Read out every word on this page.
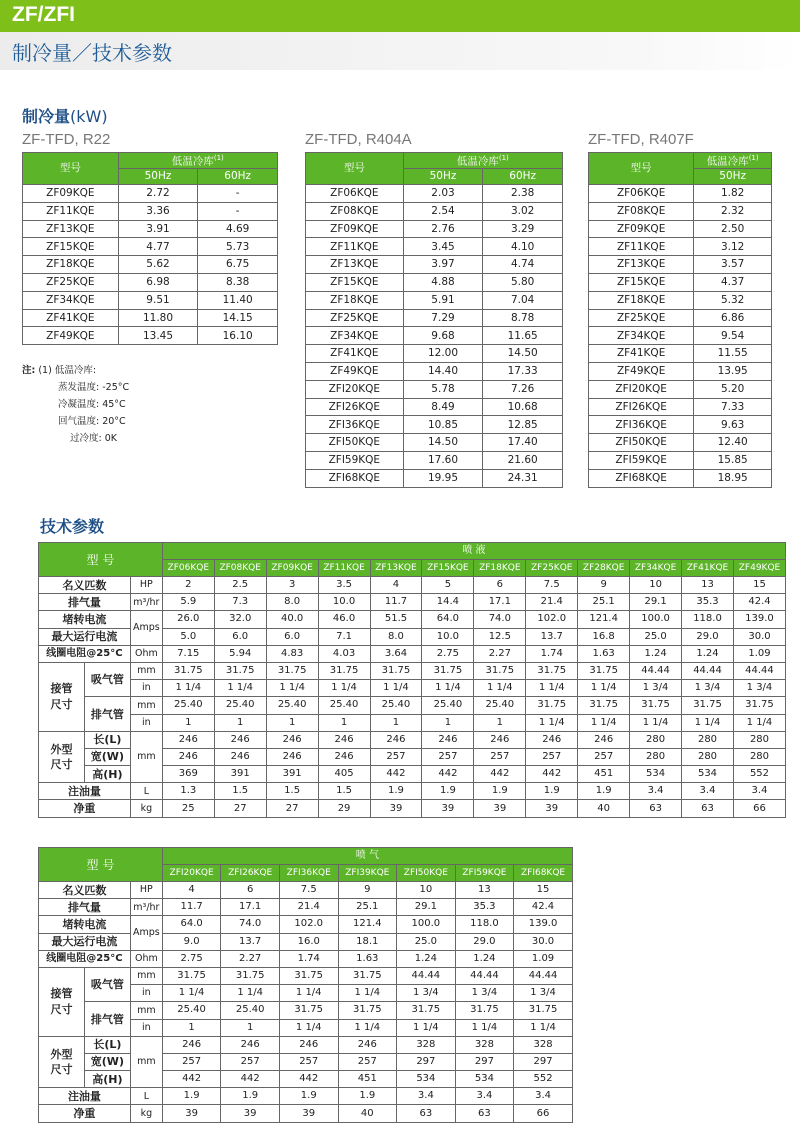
ZF/ZFI
制冷量／技术参数
制冷量(kW)
ZF-TFD, R22
型号	低温冷库$^{(1)}$
	50Hz	60Hz
ZF09KQE	2.72	-
ZF11KQE	3.36	-
ZF13KQE	3.91	4.69
ZF15KQE	4.77	5.73
ZF18KQE	5.62	6.75
ZF25KQE	6.98	8.38
ZF34KQE	9.51	11.40
ZF41KQE	11.80	14.15
ZF49KQE	13.45	16.10
ZF-TFD, R404A
型号	低温冷库$^{(1)}$
	50Hz	60Hz
ZF06KQE	2.03	2.38
ZF08KQE	2.54	3.02
ZF09KQE	2.76	3.29
ZF11KQE	3.45	4.10
ZF13KQE	3.97	4.74
ZF15KQE	4.88	5.80
ZF18KQE	5.91	7.04
ZF25KQE	7.29	8.78
ZF34KQE	9.68	11.65
ZF41KQE	12.00	14.50
ZF49KQE	14.40	17.33
ZFI20KQE	5.78	7.26
ZFI26KQE	8.49	10.68
ZFI36KQE	10.85	12.85
ZFI50KQE	14.50	17.40
ZFI59KQE	17.60	21.60
ZFI68KQE	19.95	24.31
ZF-TFD, R407F
型号	低温冷库$^{(1)}$
	50Hz
ZF06KQE	1.82
ZF08KQE	2.32
ZF09KQE	2.50
ZF11KQE	3.12
ZF13KQE	3.57
ZF15KQE	4.37
ZF18KQE	5.32
ZF25KQE	6.86
ZF34KQE	9.54
ZF41KQE	11.55
ZF49KQE	13.95
ZFI20KQE	5.20
ZFI26KQE	7.33
ZFI36KQE	9.63
ZFI50KQE	12.40
ZFI59KQE	15.85
ZFI68KQE	18.95
注: (1) 低温冷库:
蒸发温度: -25°C
冷凝温度: 45°C
回气温度: 20°C
过冷度: 0K
技术参数
型 号			喷 液											
			ZF06KQE	ZF08KQE	ZF09KQE	ZF11KQE	ZF13KQE	ZF15KQE	ZF18KQE	ZF25KQE	ZF28KQE	ZF34KQE	ZF41KQE	ZF49KQE
名义匹数		HP	2	2.5	3	3.5	4	5	6	7.5	9	10	13	15
排气量		m³/hr	5.9	7.3	8.0	10.0	11.7	14.4	17.1	21.4	25.1	29.1	35.3	42.4
堵转电流		Amps	26.0	32.0	40.0	46.0	51.5	64.0	74.0	102.0	121.4	100.0	118.0	139.0
最大运行电流			5.0	6.0	6.0	7.1	8.0	10.0	12.5	13.7	16.8	25.0	29.0	30.0
线圈电阻@25°C		Ohm	7.15	5.94	4.83	4.03	3.64	2.75	2.27	1.74	1.63	1.24	1.24	1.09
接管
尺寸	吸气管	mm	31.75	31.75	31.75	31.75	31.75	31.75	31.75	31.75	31.75	44.44	44.44	44.44
		in	1 1/4	1 1/4	1 1/4	1 1/4	1 1/4	1 1/4	1 1/4	1 1/4	1 1/4	1 3/4	1 3/4	1 3/4
	排气管	mm	25.40	25.40	25.40	25.40	25.40	25.40	25.40	31.75	31.75	31.75	31.75	31.75
		in	1	1	1	1	1	1	1	1 1/4	1 1/4	1 1/4	1 1/4	1 1/4
外型
尺寸	长(L)	mm	246	246	246	246	246	246	246	246	246	280	280	280
	宽(W)		246	246	246	246	257	257	257	257	257	280	280	280
	高(H)		369	391	391	405	442	442	442	442	451	534	534	552
注油量		L	1.3	1.5	1.5	1.5	1.9	1.9	1.9	1.9	1.9	3.4	3.4	3.4
净重		kg	25	27	27	29	39	39	39	39	40	63	63	66
型 号			喷 气						
			ZFI20KQE	ZFI26KQE	ZFI36KQE	ZFI39KQE	ZFI50KQE	ZFI59KQE	ZFI68KQE
名义匹数		HP	4	6	7.5	9	10	13	15
排气量		m³/hr	11.7	17.1	21.4	25.1	29.1	35.3	42.4
堵转电流		Amps	64.0	74.0	102.0	121.4	100.0	118.0	139.0
最大运行电流			9.0	13.7	16.0	18.1	25.0	29.0	30.0
线圈电阻@25°C		Ohm	2.75	2.27	1.74	1.63	1.24	1.24	1.09
接管
尺寸	吸气管	mm	31.75	31.75	31.75	31.75	44.44	44.44	44.44
		in	1 1/4	1 1/4	1 1/4	1 1/4	1 3/4	1 3/4	1 3/4
	排气管	mm	25.40	25.40	31.75	31.75	31.75	31.75	31.75
		in	1	1	1 1/4	1 1/4	1 1/4	1 1/4	1 1/4
外型
尺寸	长(L)	mm	246	246	246	246	328	328	328
	宽(W)		257	257	257	257	297	297	297
	高(H)		442	442	442	451	534	534	552
注油量		L	1.9	1.9	1.9	1.9	3.4	3.4	3.4
净重		kg	39	39	39	40	63	63	66
